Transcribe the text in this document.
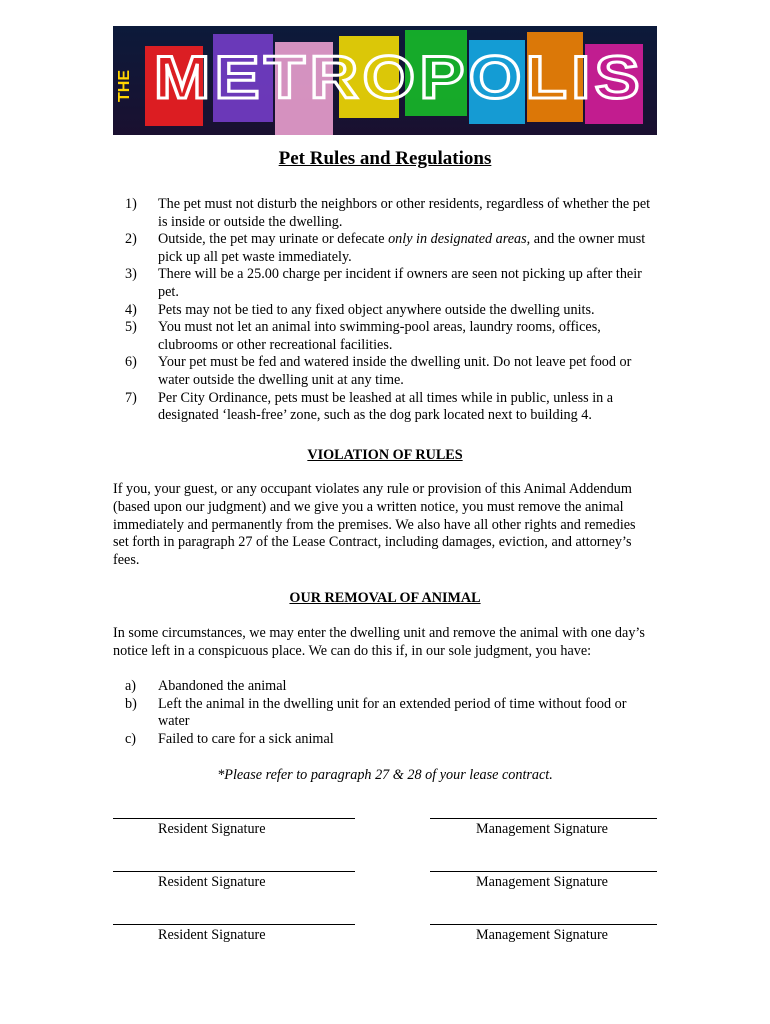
THE METROPOLIS
Pet Rules and Regulations
1) The pet must not disturb the neighbors or other residents, regardless of whether the pet is inside or outside the dwelling.
2) Outside, the pet may urinate or defecate only in designated areas, and the owner must pick up all pet waste immediately.
3) There will be a 25.00 charge per incident if owners are seen not picking up after their pet.
4) Pets may not be tied to any fixed object anywhere outside the dwelling units.
5) You must not let an animal into swimming-pool areas, laundry rooms, offices, clubrooms or other recreational facilities.
6) Your pet must be fed and watered inside the dwelling unit. Do not leave pet food or water outside the dwelling unit at any time.
7) Per City Ordinance, pets must be leashed at all times while in public, unless in a designated ‘leash-free’ zone, such as the dog park located next to building 4.
VIOLATION OF RULES
If you, your guest, or any occupant violates any rule or provision of this Animal Addendum (based upon our judgment) and we give you a written notice, you must remove the animal immediately and permanently from the premises. We also have all other rights and remedies set forth in paragraph 27 of the Lease Contract, including damages, eviction, and attorney’s fees.
OUR REMOVAL OF ANIMAL
In some circumstances, we may enter the dwelling unit and remove the animal with one day’s notice left in a conspicuous place. We can do this if, in our sole judgment, you have:
a) Abandoned the animal
b) Left the animal in the dwelling unit for an extended period of time without food or water
c) Failed to care for a sick animal
*Please refer to paragraph 27 & 28 of your lease contract.
Resident Signature	Management Signature
Resident Signature	Management Signature
Resident Signature	Management Signature
